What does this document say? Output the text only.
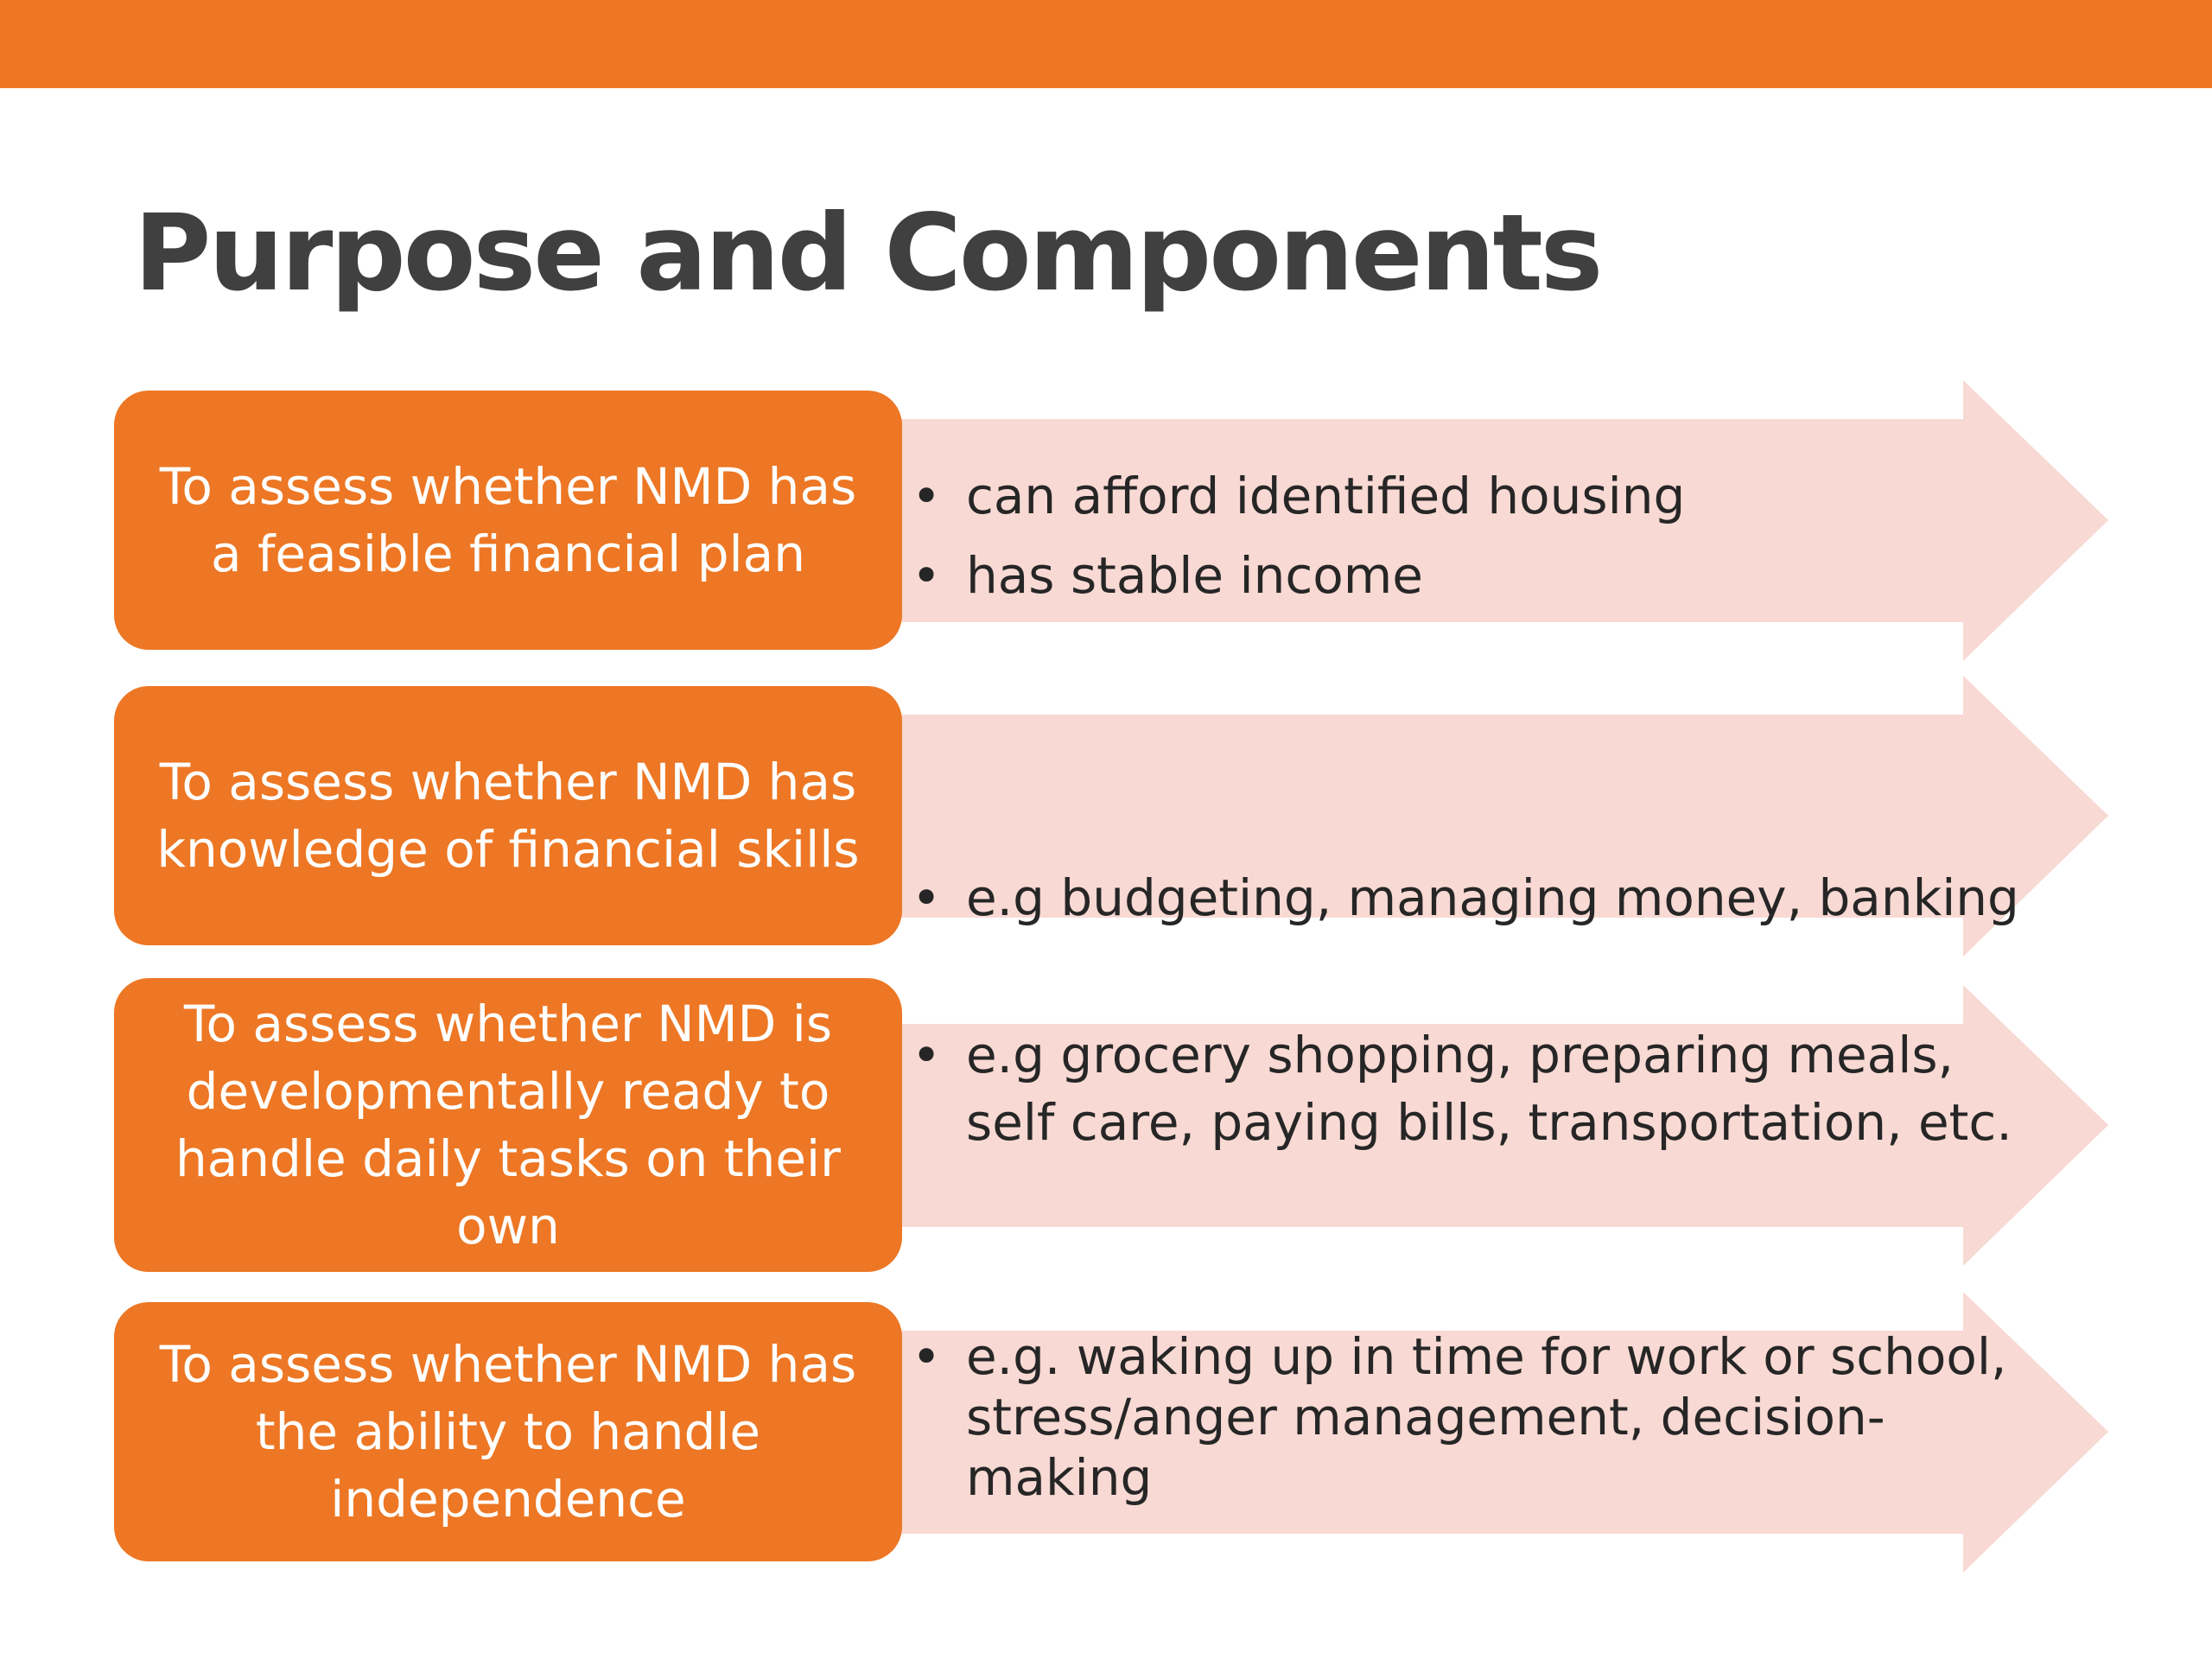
Purpose and Components
To assess whether NMD has a feasible financial plan
• can afford identified housing
• has stable income
To assess whether NMD has knowledge of financial skills
• e.g budgeting, managing money, banking
To assess whether NMD is developmentally ready to handle daily tasks on their own
• e.g grocery shopping, preparing meals, self care, paying bills, transportation, etc.
To assess whether NMD has the ability to handle independence
• e.g. waking up in time for work or school, stress/anger management, decision-making
